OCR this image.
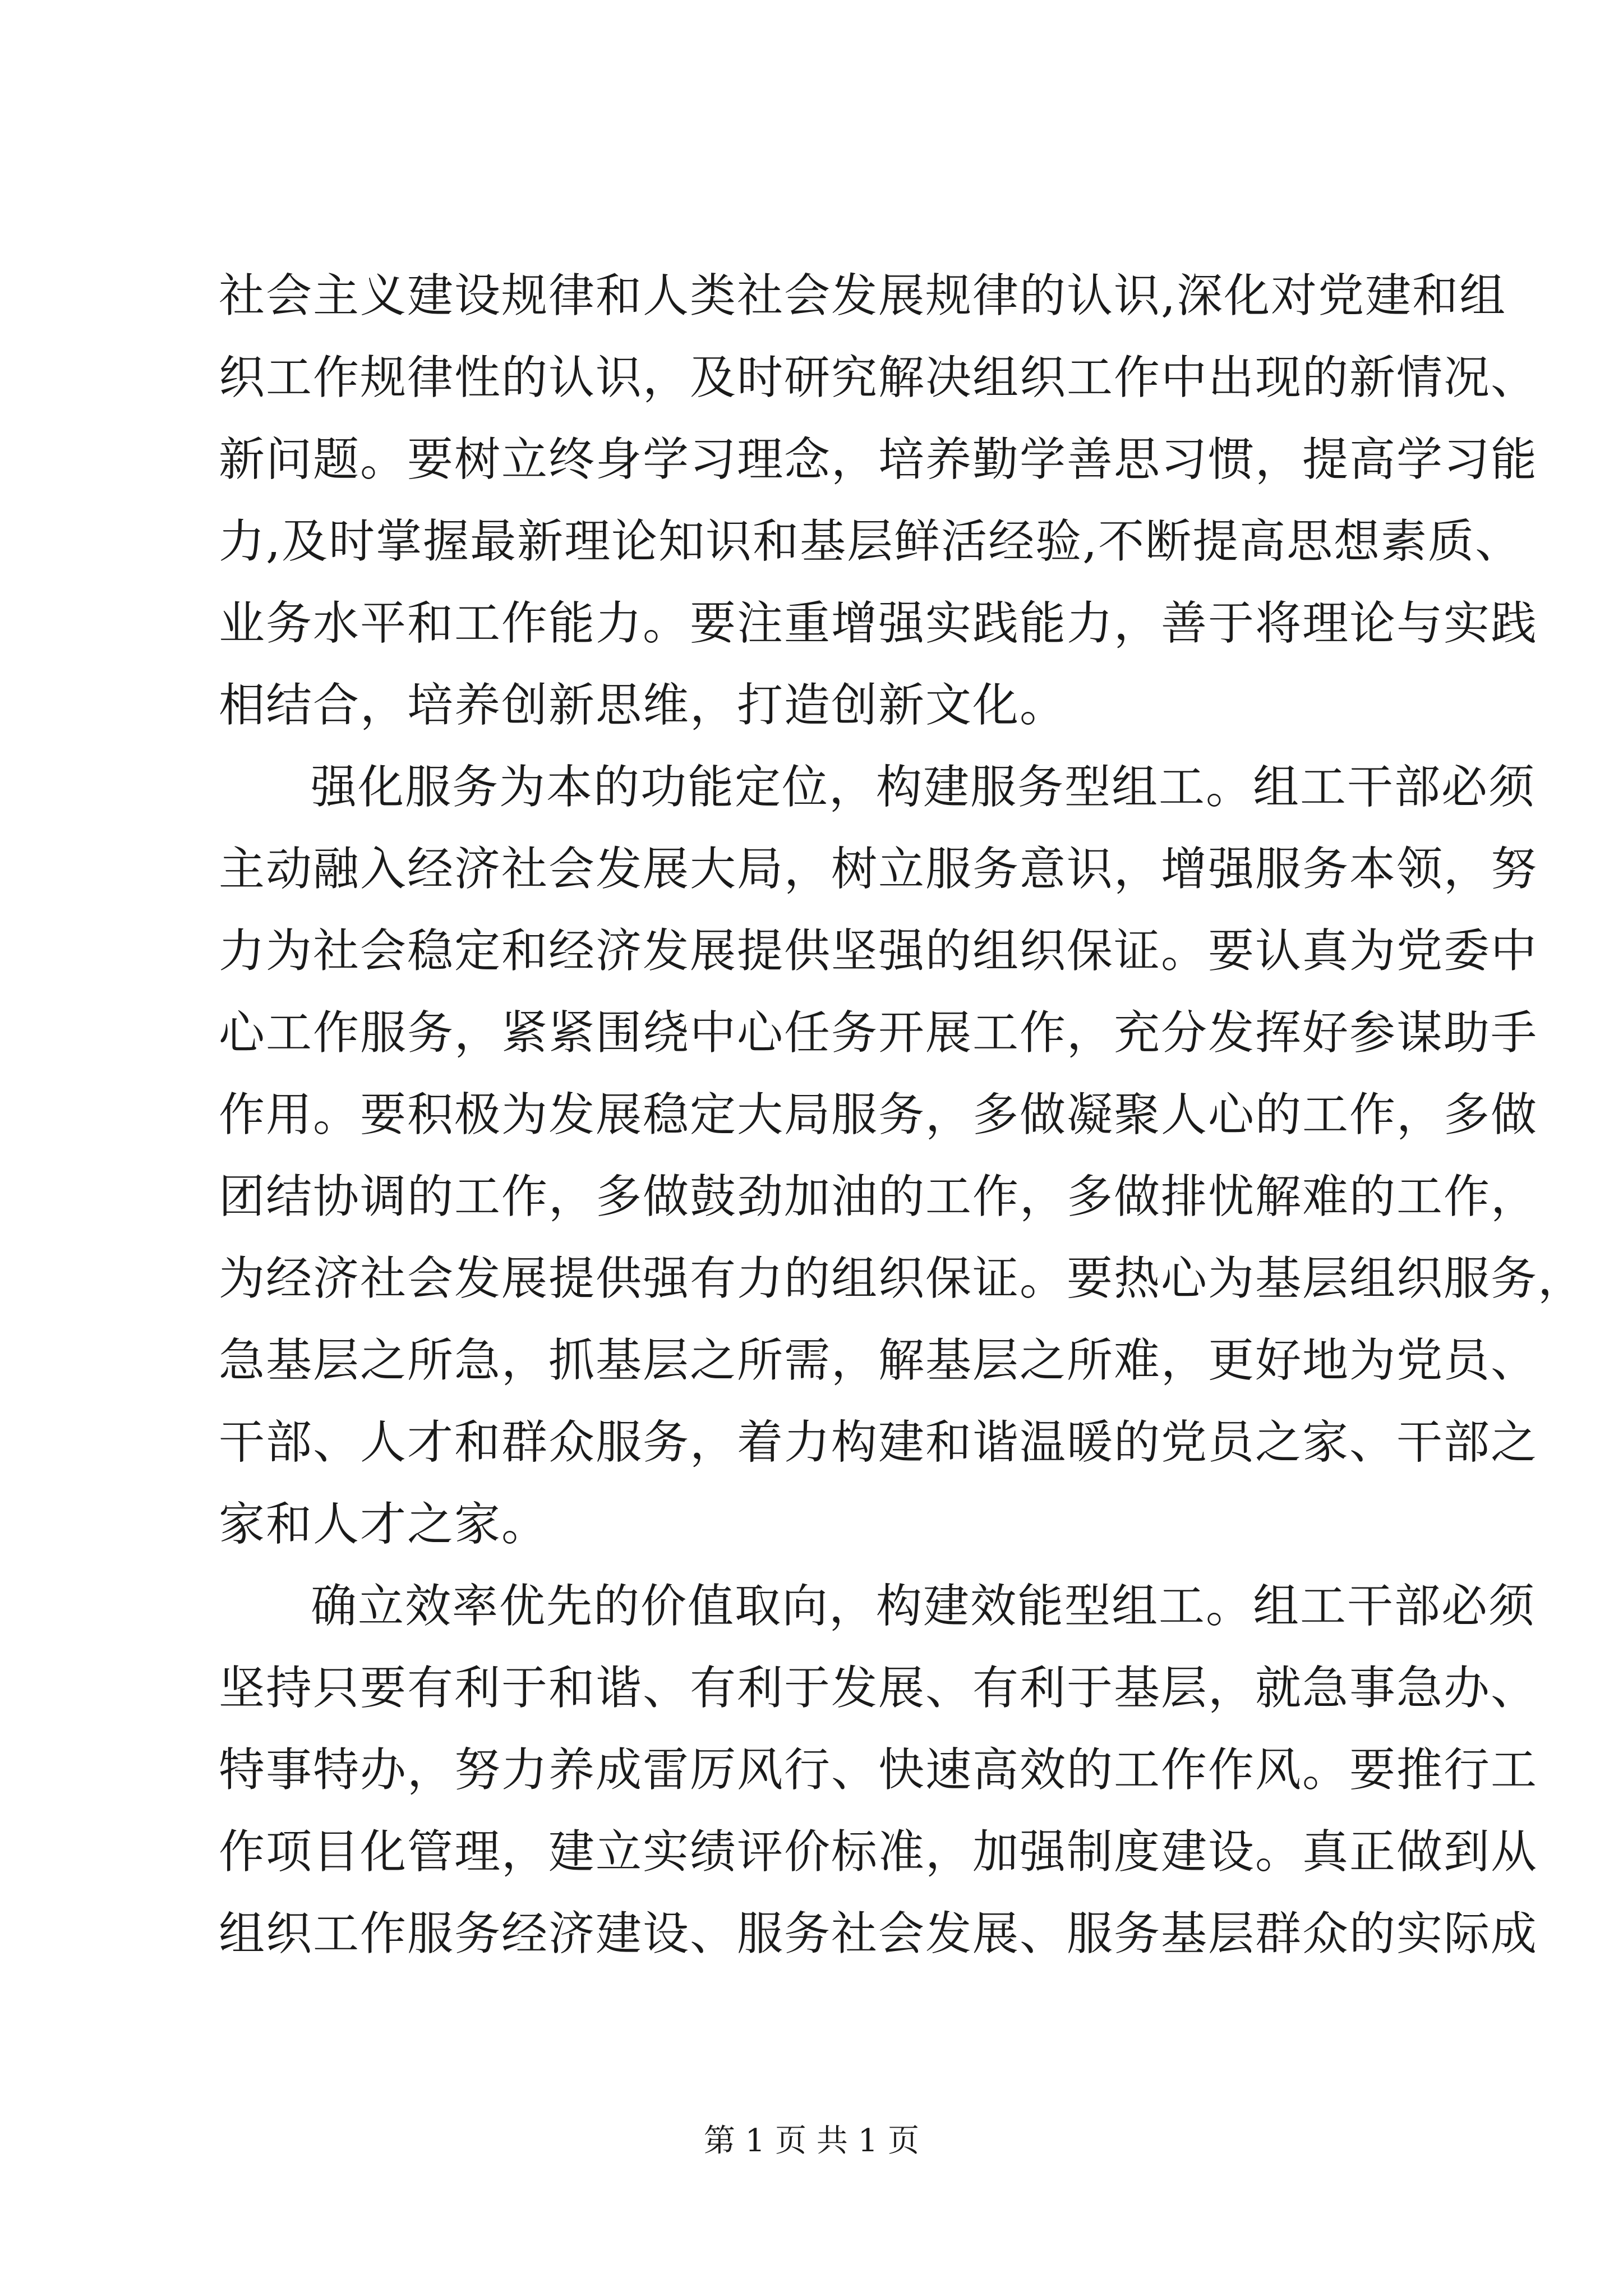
社会主义建设规律和人类社会发展规律的认识,深化对党建和组
织工作规律性的认识，及时研究解决组织工作中出现的新情况、
新问题。要树立终身学习理念，培养勤学善思习惯，提高学习能
力,及时掌握最新理论知识和基层鲜活经验,不断提高思想素质、
业务水平和工作能力。要注重增强实践能力，善于将理论与实践
相结合，培养创新思维，打造创新文化。
强化服务为本的功能定位，构建服务型组工。组工干部必须
主动融入经济社会发展大局，树立服务意识，增强服务本领，努
力为社会稳定和经济发展提供坚强的组织保证。要认真为党委中
心工作服务，紧紧围绕中心任务开展工作，充分发挥好参谋助手
作用。要积极为发展稳定大局服务，多做凝聚人心的工作，多做
团结协调的工作，多做鼓劲加油的工作，多做排忧解难的工作，
为经济社会发展提供强有力的组织保证。要热心为基层组织服务，
急基层之所急，抓基层之所需，解基层之所难，更好地为党员、
干部、人才和群众服务，着力构建和谐温暖的党员之家、干部之
家和人才之家。
确立效率优先的价值取向，构建效能型组工。组工干部必须
坚持只要有利于和谐、有利于发展、有利于基层，就急事急办、
特事特办，努力养成雷厉风行、快速高效的工作作风。要推行工
作项目化管理，建立实绩评价标准，加强制度建设。真正做到从
组织工作服务经济建设、服务社会发展、服务基层群众的实际成
第 1 页 共 1 页
